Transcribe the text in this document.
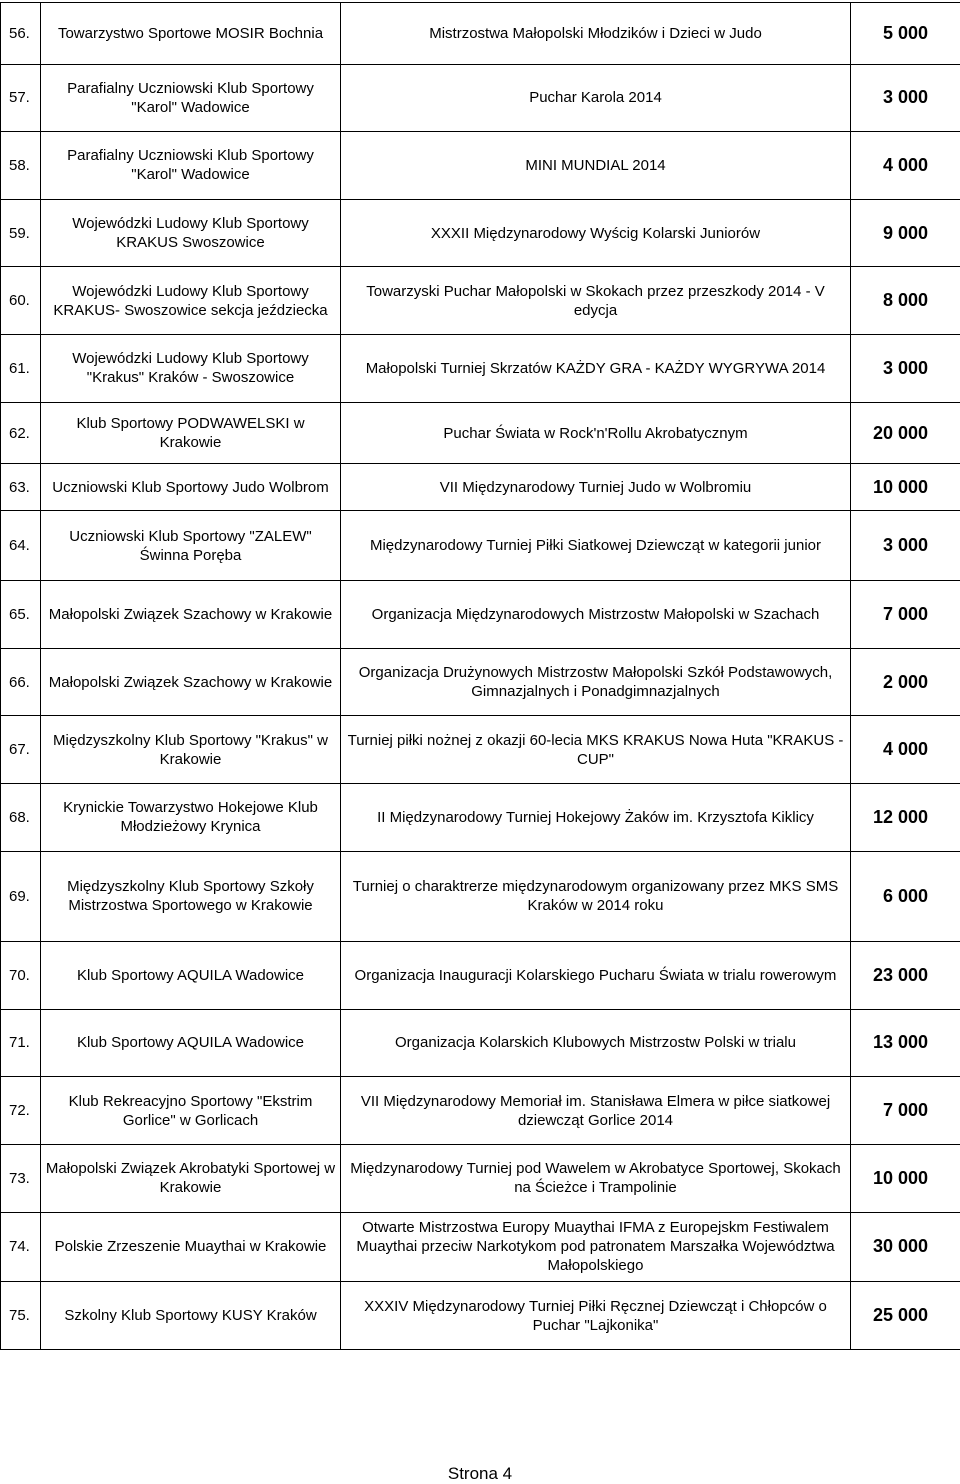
56.	Towarzystwo Sportowe MOSIR Bochnia	Mistrzostwa Małopolski Młodzików i Dzieci w Judo	5 000
57.	Parafialny Uczniowski Klub Sportowy "Karol" Wadowice	Puchar Karola 2014	3 000
58.	Parafialny Uczniowski Klub Sportowy "Karol" Wadowice	MINI MUNDIAL 2014	4 000
59.	Wojewódzki Ludowy Klub Sportowy KRAKUS Swoszowice	XXXII Międzynarodowy Wyścig Kolarski Juniorów	9 000
60.	Wojewódzki Ludowy Klub Sportowy KRAKUS- Swoszowice sekcja jeździecka	Towarzyski Puchar Małopolski w Skokach przez przeszkody 2014 - V edycja	8 000
61.	Wojewódzki Ludowy Klub Sportowy "Krakus" Kraków - Swoszowice	Małopolski Turniej Skrzatów KAŻDY GRA - KAŻDY WYGRYWA 2014	3 000
62.	Klub Sportowy PODWAWELSKI w Krakowie	Puchar Świata w Rock'n'Rollu Akrobatycznym	20 000
63.	Uczniowski Klub Sportowy Judo Wolbrom	VII Międzynarodowy Turniej Judo w Wolbromiu	10 000
64.	Uczniowski Klub Sportowy "ZALEW" Świnna Poręba	Międzynarodowy Turniej Piłki Siatkowej Dziewcząt w kategorii junior	3 000
65.	Małopolski Związek Szachowy w Krakowie	Organizacja Międzynarodowych Mistrzostw Małopolski w Szachach	7 000
66.	Małopolski Związek Szachowy w Krakowie	Organizacja Drużynowych Mistrzostw Małopolski Szkół Podstawowych, Gimnazjalnych i Ponadgimnazjalnych	2 000
67.	Międzyszkolny Klub Sportowy "Krakus" w Krakowie	Turniej piłki nożnej z okazji 60-lecia MKS KRAKUS Nowa Huta "KRAKUS - CUP"	4 000
68.	Krynickie Towarzystwo Hokejowe Klub Młodzieżowy Krynica	II Międzynarodowy Turniej Hokejowy Żaków im. Krzysztofa Kiklicy	12 000
69.	Międzyszkolny Klub Sportowy Szkoły Mistrzostwa Sportowego w Krakowie	Turniej o charaktrerze międzynarodowym organizowany przez MKS SMS Kraków w 2014 roku	6 000
70.	Klub Sportowy AQUILA Wadowice	Organizacja Inauguracji Kolarskiego Pucharu Świata w trialu rowerowym	23 000
71.	Klub Sportowy AQUILA Wadowice	Organizacja Kolarskich Klubowych Mistrzostw Polski w trialu	13 000
72.	Klub Rekreacyjno Sportowy "Ekstrim Gorlice" w Gorlicach	VII Międzynarodowy Memoriał im. Stanisława Elmera w piłce siatkowej dziewcząt Gorlice 2014	7 000
73.	Małopolski Związek Akrobatyki Sportowej w Krakowie	Międzynarodowy Turniej pod Wawelem w Akrobatyce Sportowej, Skokach na Ścieżce i Trampolinie	10 000
74.	Polskie Zrzeszenie Muaythai w Krakowie	Otwarte Mistrzostwa Europy Muaythai IFMA z Europejskm Festiwalem Muaythai przeciw Narkotykom pod patronatem Marszałka Województwa Małopolskiego	30 000
75.	Szkolny Klub Sportowy KUSY Kraków	XXXIV Międzynarodowy Turniej Piłki Ręcznej Dziewcząt i Chłopców o Puchar "Lajkonika"	25 000
Strona 4
